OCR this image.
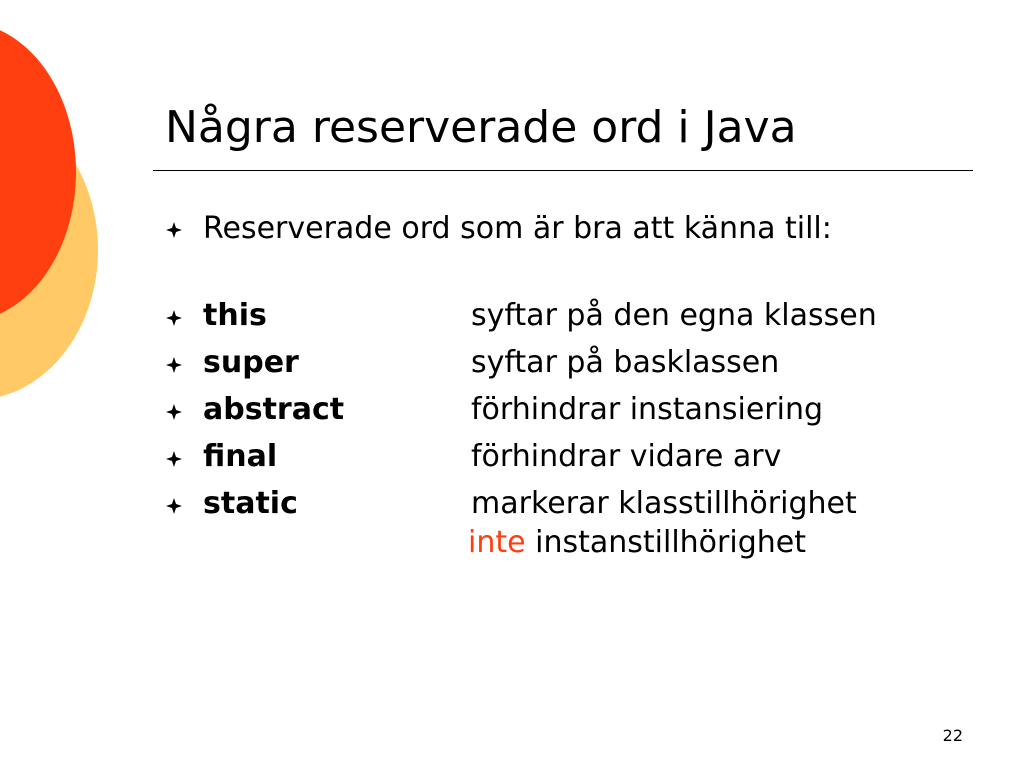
Några reserverade ord i Java
Reserverade ord som är bra att känna till:
this	syftar på den egna klassen
super	syftar på basklassen
abstract	förhindrar instansiering
final	förhindrar vidare arv
static	markerar klasstillhörighet
inte instanstillhörighet
22
